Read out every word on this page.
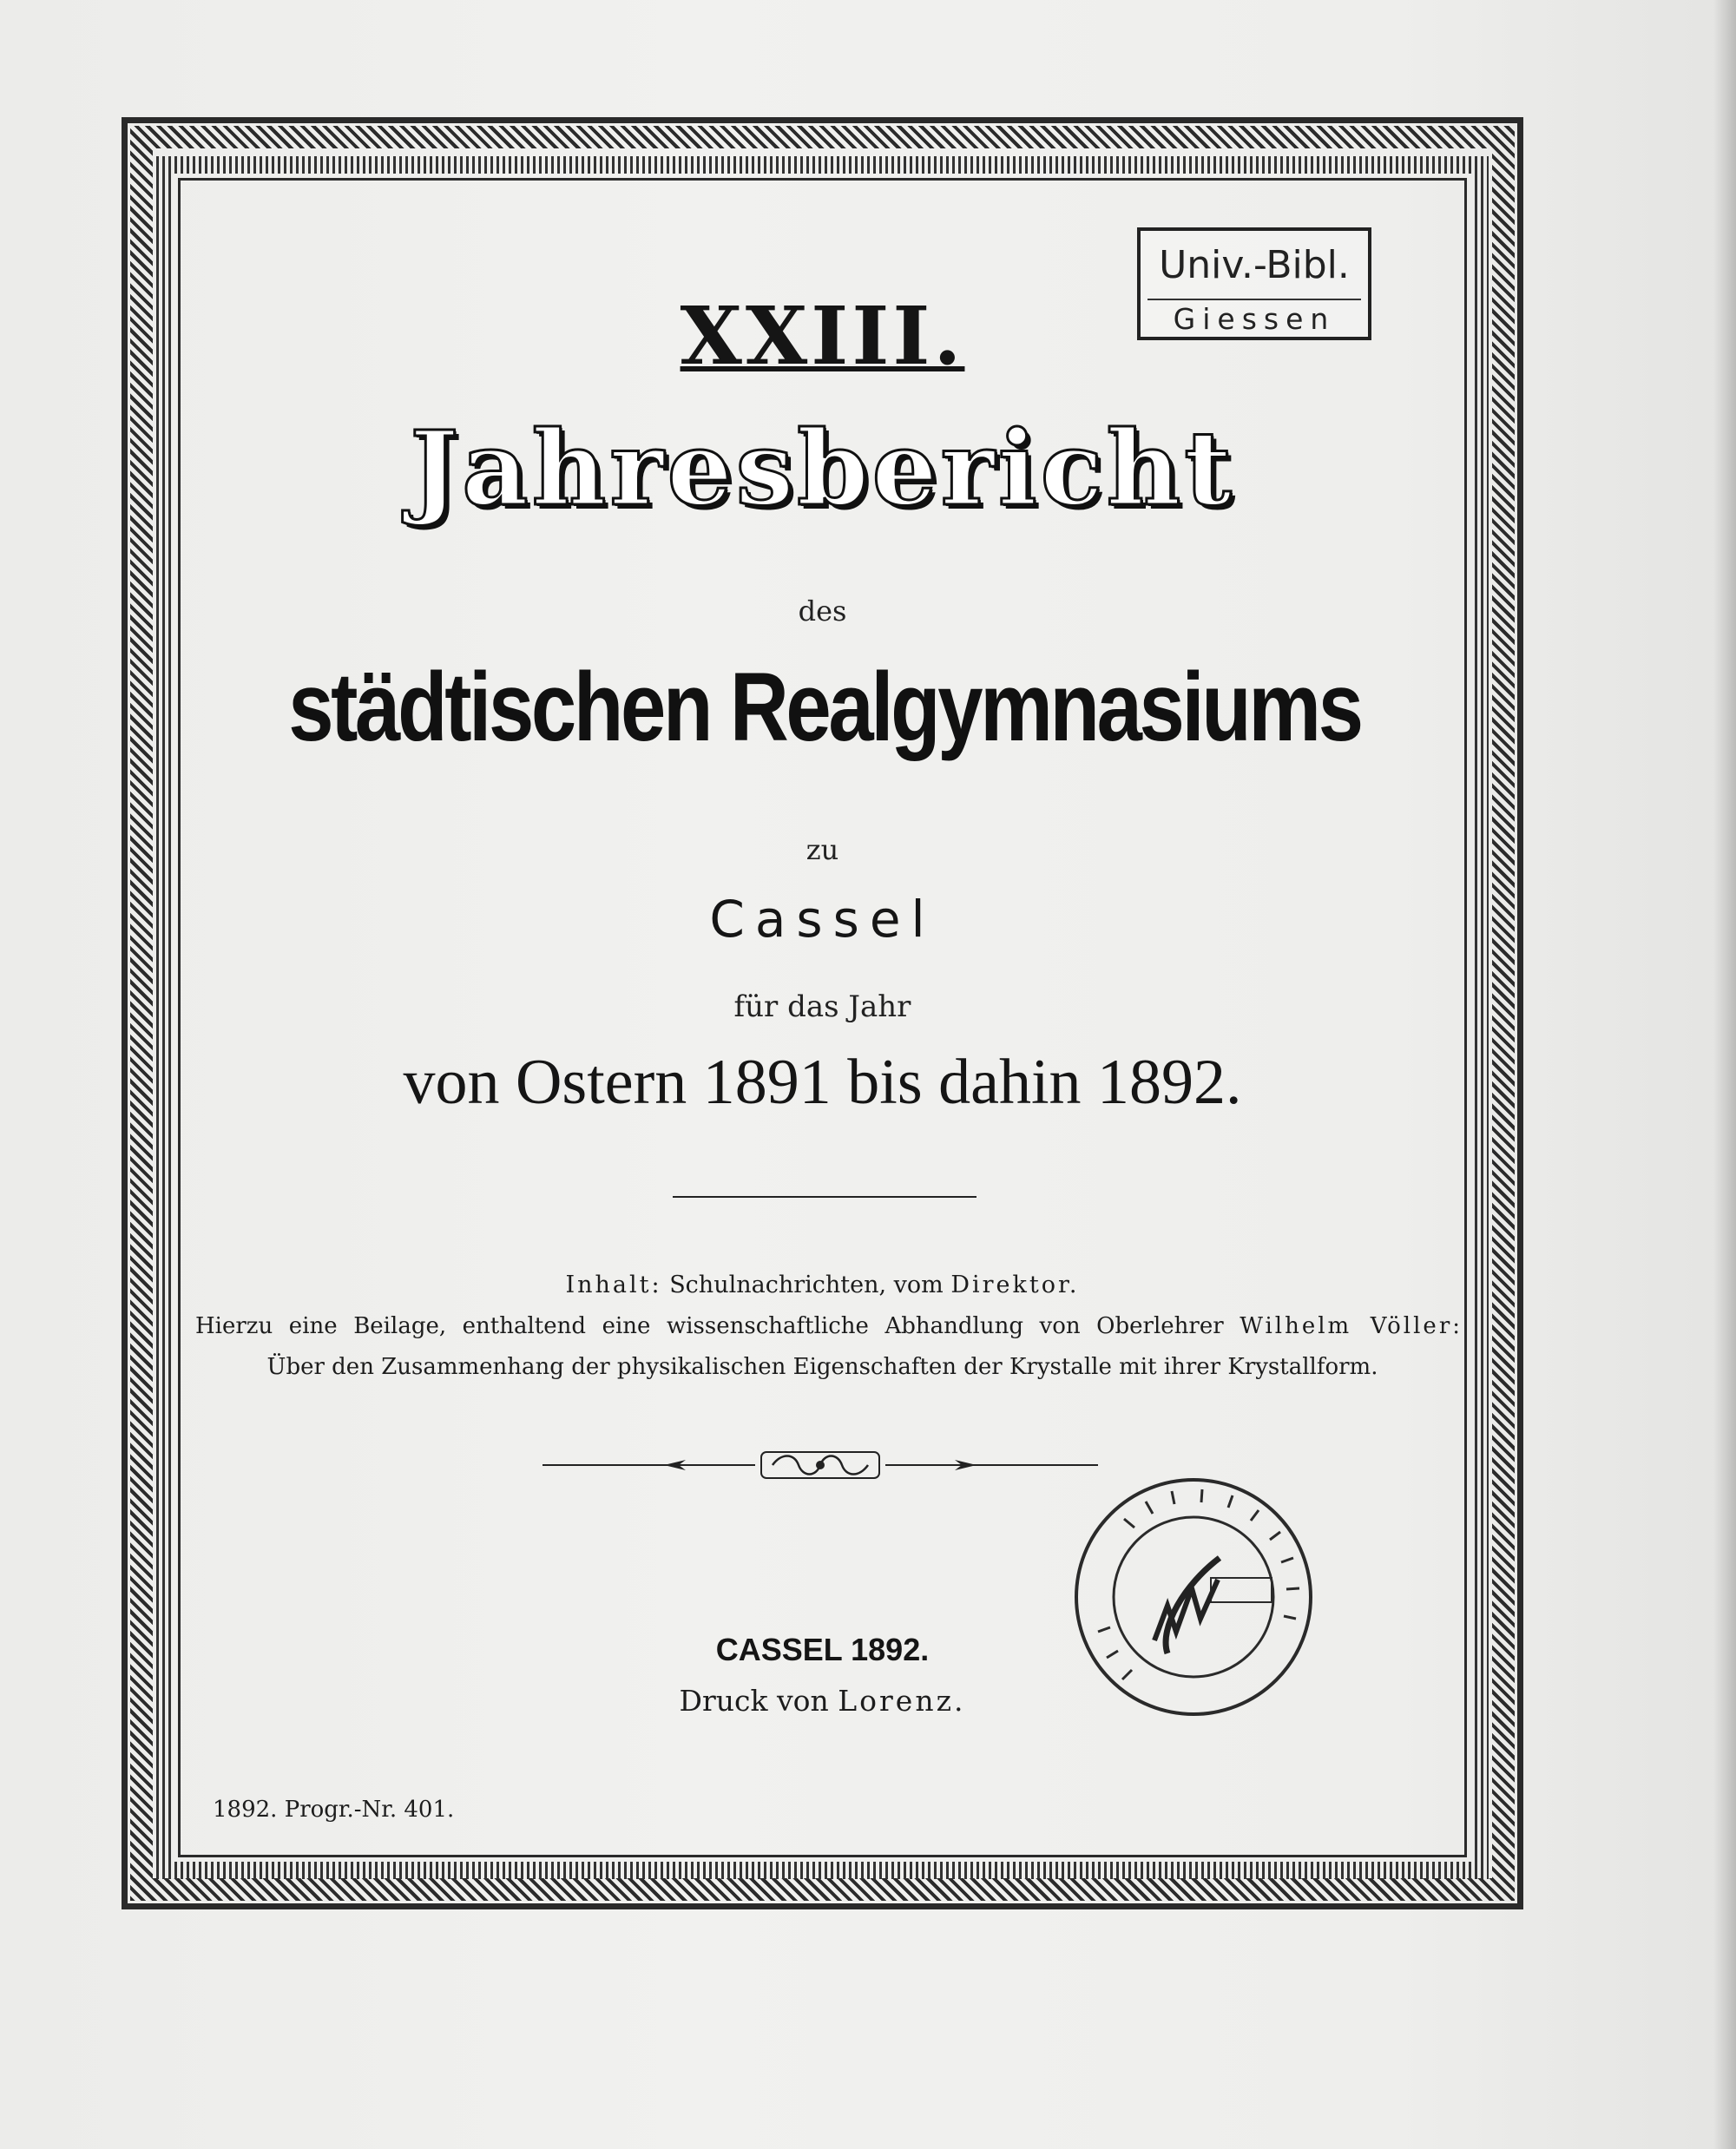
XXIII.
Jahresbericht
des
städtischen Realgymnasiums
zu
Cassel
für das Jahr
von Ostern 1891 bis dahin 1892.
Inhalt: Schulnachrichten, vom Direktor.
Hierzu eine Beilage, enthaltend eine wissenschaftliche Abhandlung von Oberlehrer Wilhelm Völler:
Über den Zusammenhang der physikalischen Eigenschaften der Krystalle mit ihrer Krystallform.
CASSEL 1892.
Druck von Lorenz.
1892. Progr.-Nr. 401.
Univ.-Bibl.
Giessen
